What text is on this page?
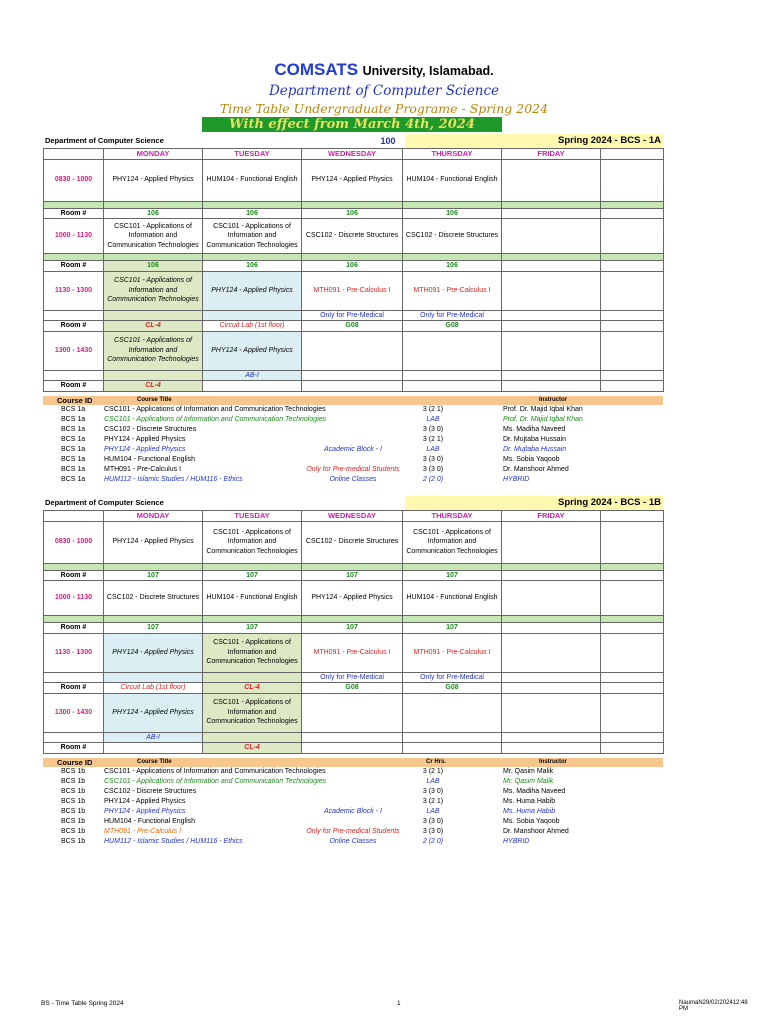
COMSATS University, Islamabad.
Department of Computer Science
Time Table Undergraduate Programe - Spring 2024
With effect from March 4th, 2024
Department of Computer Science	100	Spring 2024 - BCS - 1A
	MONDAY	TUESDAY	WEDNESDAY	THURSDAY	FRIDAY	
0830 - 1000	PHY124 - Applied Physics	HUM104 - Functional English	PHY124 - Applied Physics	HUM104 - Functional English		

Room #	106	106	106	106		
1000 - 1130	CSC101 - Applications of Information and Communication Technologies	CSC101 - Applications of Information and Communication Technologies	CSC102 - Discrete Structures	CSC102 - Discrete Structures		

Room #	106	106	106	106		
1130 - 1300	CSC101 - Applications of Information and Communication Technologies	PHY124 - Applied Physics	MTH091 - Pre-Calculus I	MTH091 - Pre-Calculus I		
			Only for Pre-Medical	Only for Pre-Medical		
Room #	CL-4	Circuit Lab (1st floor)	G08	G08		
1300 - 1430	CSC101 - Applications of Information and Communication Technologies	PHY124 - Applied Physics				
		AB-I				
Room #	CL-4					
Course ID	Course Title	Instructor
BCS 1a	CSC101 - Applications of Information and Communication Technologies	3 (2 1)	Prof. Dr. Majid Iqbal Khan
BCS 1a	CSC101 - Applications of Information and Communication Technologies	LAB	Prof. Dr. Majid Iqbal Khan
BCS 1a	CSC102 - Discrete Structures	3 (3 0)	Ms. Madiha Naveed
BCS 1a	PHY124 - Applied Physics	3 (2 1)	Dr. Mujtaba Hussain
BCS 1a	PHY124 - Applied Physics	Academic Block - I	LAB	Dr. Mujtaba Hussain
BCS 1a	HUM104 - Functional English	3 (3 0)	Ms. Sobia Yaqoob
BCS 1a	MTH091 - Pre-Calculus I	Only for Pre-medical Students	3 (3 0)	Dr. Manshoor Ahmed
BCS 1a	HUM112 - Islamic Studies / HUM116 - Ethics	Online Classes	2 (2 0)	HYBRID
Department of Computer Science	Spring 2024 - BCS - 1B
	MONDAY	TUESDAY	WEDNESDAY	THURSDAY	FRIDAY	
0830 - 1000	PHY124 - Applied Physics	CSC101 - Applications of Information and Communication Technologies	CSC102 - Discrete Structures	CSC101 - Applications of Information and Communication Technologies		

Room #	107	107	107	107		
1000 - 1130	CSC102 - Discrete Structures	HUM104 - Functional English	PHY124 - Applied Physics	HUM104 - Functional English		

Room #	107	107	107	107		
1130 - 1300	PHY124 - Applied Physics	CSC101 - Applications of Information and Communication Technologies	MTH091 - Pre-Calculus I	MTH091 - Pre-Calculus I		
			Only for Pre-Medical	Only for Pre-Medical		
Room #	Circuit Lab (1st floor)	CL-4	G08	G08		
1300 - 1430	PHY124 - Applied Physics	CSC101 - Applications of Information and Communication Technologies				
	AB-I					
Room #		CL-4				
Course ID	Course Title	Cr Hrs.	Instructor
BCS 1b	CSC101 - Applications of Information and Communication Technologies	3 (2 1)	Mr. Qasim Malik
BCS 1b	CSC101 - Applications of Information and Communication Technologies	LAB	Mr. Qasim Malik
BCS 1b	CSC102 - Discrete Structures	3 (3 0)	Ms. Madiha Naveed
BCS 1b	PHY124 - Applied Physics	3 (2 1)	Ms. Huma Habib
BCS 1b	PHY124 - Applied Physics	Academic Block - I	LAB	Ms. Huma Habib
BCS 1b	HUM104 - Functional English	3 (3 0)	Ms. Sobia Yaqoob
BCS 1b	MTH091 - Pre-Calculus I	Only for Pre-medical Students	3 (3 0)	Dr. Manshoor Ahmed
BCS 1b	HUM112 - Islamic Studies / HUM116 - Ethics	Online Classes	2 (2 0)	HYBRID
BS - Time Table Spring 2024	1	NaumaN29/02/202412:48 PM
